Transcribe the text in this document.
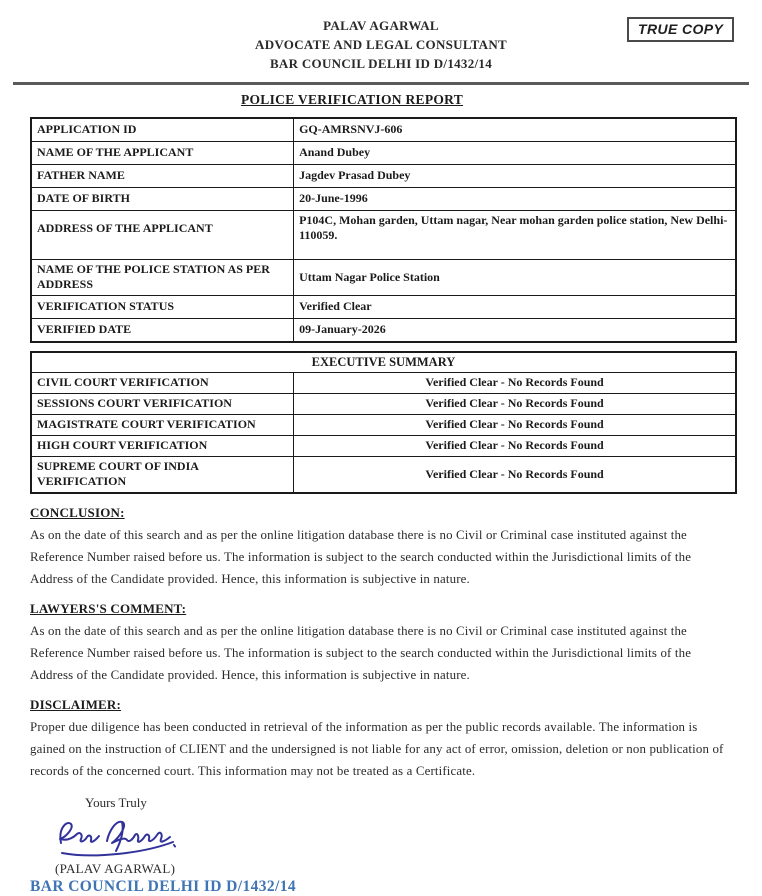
PALAV AGARWAL
ADVOCATE AND LEGAL CONSULTANT
BAR COUNCIL DELHI ID D/1432/14
TRUE COPY
POLICE VERIFICATION REPORT
APPLICATION ID	GQ-AMRSNVJ-606
NAME OF THE APPLICANT	Anand Dubey
FATHER NAME	Jagdev Prasad Dubey
DATE OF BIRTH	20-June-1996
ADDRESS OF THE APPLICANT	P104C, Mohan garden, Uttam nagar, Near mohan garden police station, New Delhi-110059.
NAME OF THE POLICE STATION AS PER ADDRESS	Uttam Nagar Police Station
VERIFICATION STATUS	Verified Clear
VERIFIED DATE	09-January-2026
EXECUTIVE SUMMARY	
CIVIL COURT VERIFICATION	Verified Clear - No Records Found
SESSIONS COURT VERIFICATION	Verified Clear - No Records Found
MAGISTRATE COURT VERIFICATION	Verified Clear - No Records Found
HIGH COURT VERIFICATION	Verified Clear - No Records Found
SUPREME COURT OF INDIA VERIFICATION	Verified Clear - No Records Found
CONCLUSION:

As on the date of this search and as per the online litigation database there is no Civil or Criminal case instituted against the Reference Number raised before us. The information is subject to the search conducted within the Jurisdictional limits of the Address of the Candidate provided. Hence, this information is subjective in nature.

LAWYERS'S COMMENT:

As on the date of this search and as per the online litigation database there is no Civil or Criminal case instituted against the Reference Number raised before us. The information is subject to the search conducted within the Jurisdictional limits of the Address of the Candidate provided. Hence, this information is subjective in nature.

DISCLAIMER:

Proper due diligence has been conducted in retrieval of the information as per the public records available. The information is gained on the instruction of CLIENT and the undersigned is not liable for any act of error, omission, deletion or non publication of records of the concerned court. This information may not be treated as a Certificate.

Yours Truly
(PALAV AGARWAL)
BAR COUNCIL DELHI ID D/1432/14
